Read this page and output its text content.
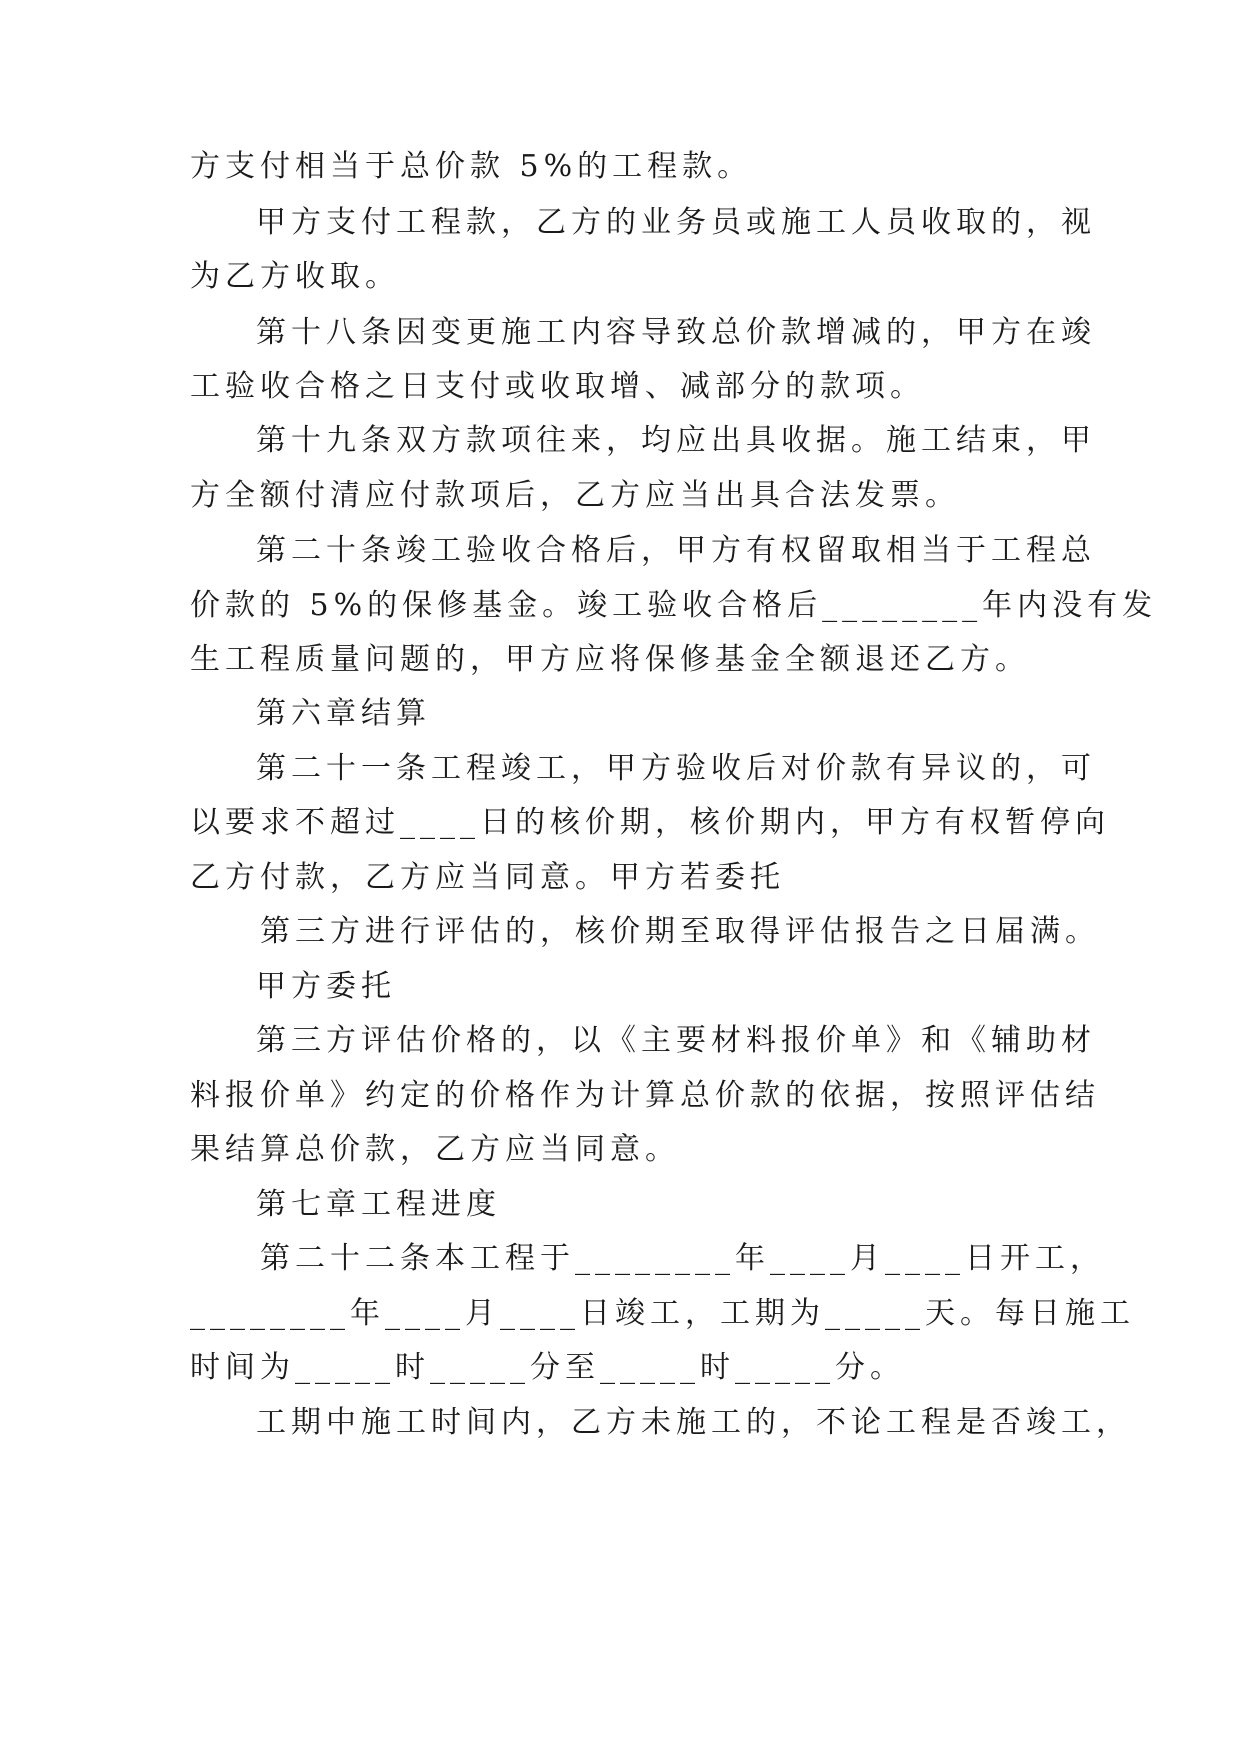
方支付相当于总价款 5%的工程款。
甲方支付工程款，乙方的业务员或施工人员收取的，视
为乙方收取。
第十八条因变更施工内容导致总价款增减的，甲方在竣
工验收合格之日支付或收取增、减部分的款项。
第十九条双方款项往来，均应出具收据。施工结束，甲
方全额付清应付款项后，乙方应当出具合法发票。
第二十条竣工验收合格后，甲方有权留取相当于工程总
价款的 5%的保修基金。竣工验收合格后________年内没有发
生工程质量问题的，甲方应将保修基金全额退还乙方。
第六章结算
第二十一条工程竣工，甲方验收后对价款有异议的，可
以要求不超过____日的核价期，核价期内，甲方有权暂停向
乙方付款，乙方应当同意。甲方若委托
第三方进行评估的，核价期至取得评估报告之日届满。
甲方委托
第三方评估价格的，以《主要材料报价单》和《辅助材
料报价单》约定的价格作为计算总价款的依据，按照评估结
果结算总价款，乙方应当同意。
第七章工程进度
第二十二条本工程于________年____月____日开工，
________年____月____日竣工，工期为_____天。每日施工
时间为_____时_____分至_____时_____分。
工期中施工时间内，乙方未施工的，不论工程是否竣工，
